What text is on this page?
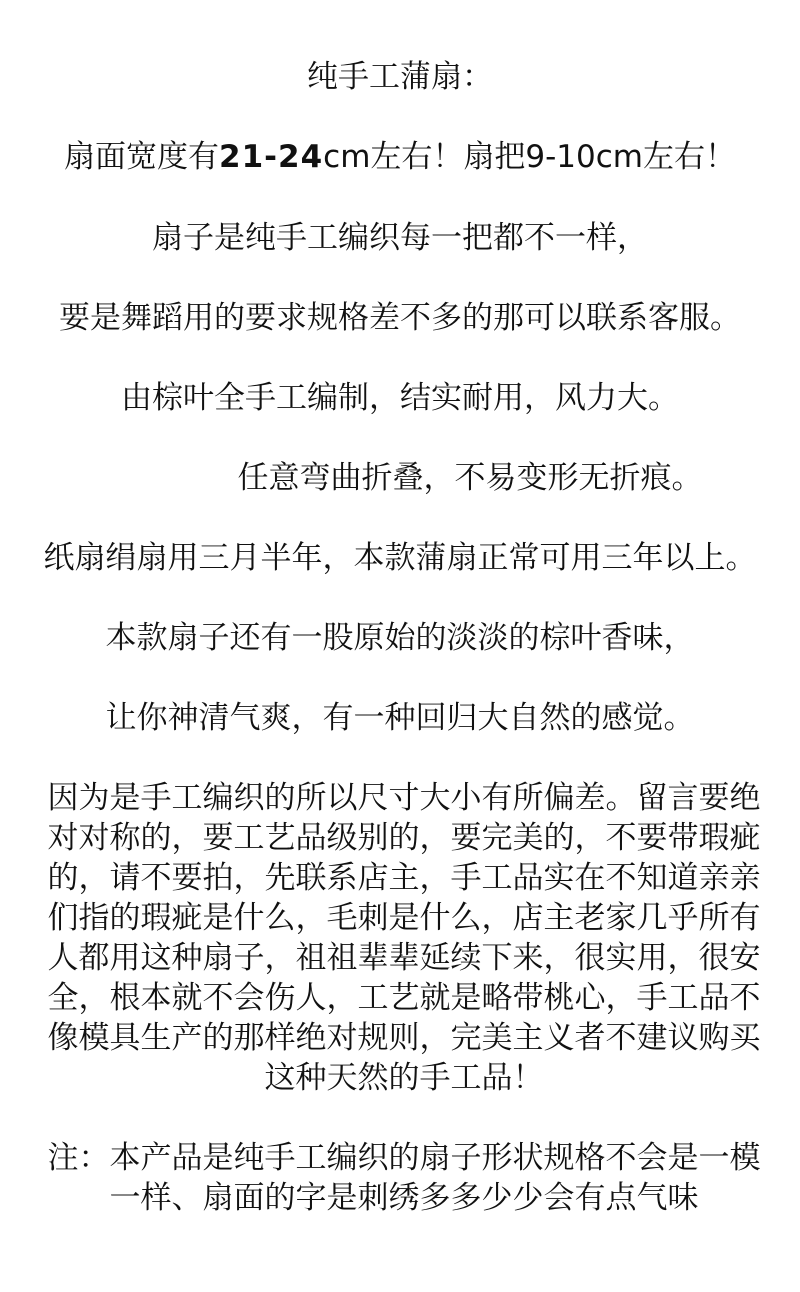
纯手工蒲扇：
扇面宽度有21-24cm左右！扇把9-10cm左右！
扇子是纯手工编织每一把都不一样，
要是舞蹈用的要求规格差不多的那可以联系客服。
由棕叶全手工编制，结实耐用，风力大。
任意弯曲折叠，不易变形无折痕。
纸扇绢扇用三月半年，本款蒲扇正常可用三年以上。
本款扇子还有一股原始的淡淡的棕叶香味，
让你神清气爽，有一种回归大自然的感觉。
因为是手工编织的所以尺寸大小有所偏差。留言要绝
对对称的，要工艺品级别的，要完美的，不要带瑕疵
的，请不要拍，先联系店主，手工品实在不知道亲亲
们指的瑕疵是什么，毛刺是什么，店主老家几乎所有
人都用这种扇子，祖祖辈辈延续下来，很实用，很安
全，根本就不会伤人，工艺就是略带桃心，手工品不
像模具生产的那样绝对规则，完美主义者不建议购买
这种天然的手工品！
注：本产品是纯手工编织的扇子形状规格不会是一模
一样、扇面的字是刺绣多多少少会有点气味
